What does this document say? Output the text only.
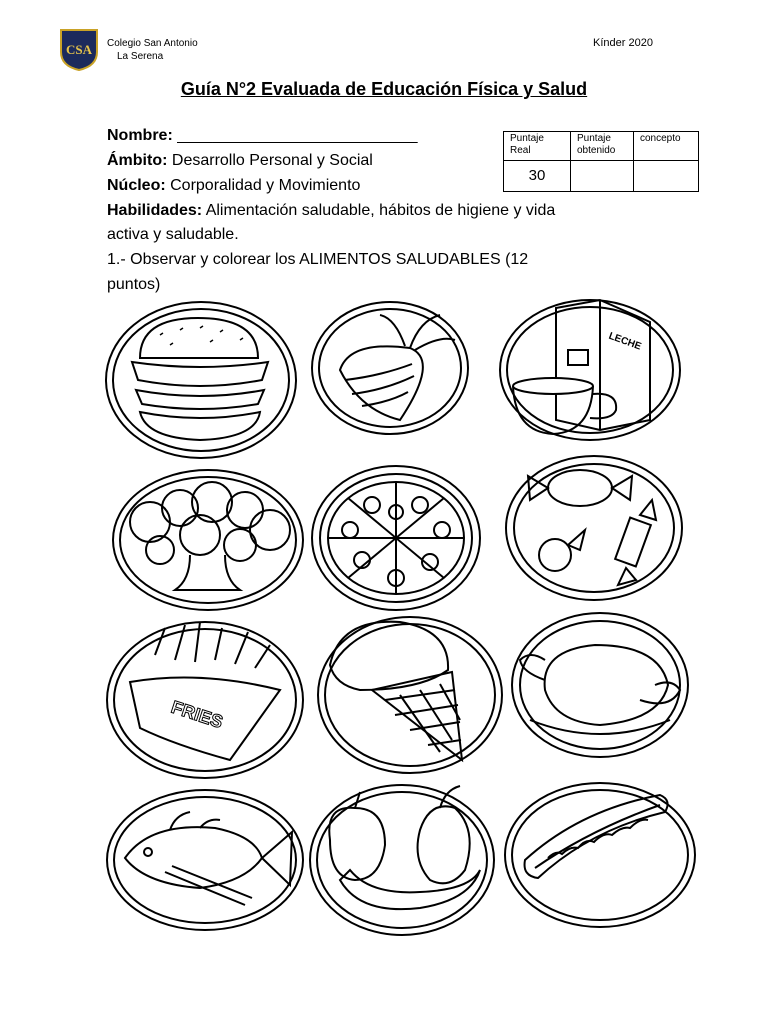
CSA Colegio San Antonio
La Serena
Kínder 2020
Guía N°2 Evaluada de Educación Física y Salud
Nombre: ___________________________
Ámbito: Desarrollo Personal y Social
Núcleo: Corporalidad y Movimiento
Habilidades: Alimentación saludable, hábitos de higiene y vida
activa y saludable.
1.- Observar y colorear los ALIMENTOS SALUDABLES (12
puntos)
Puntaje Real	Puntaje obtenido	concepto
30		
LECHE
FRIES
